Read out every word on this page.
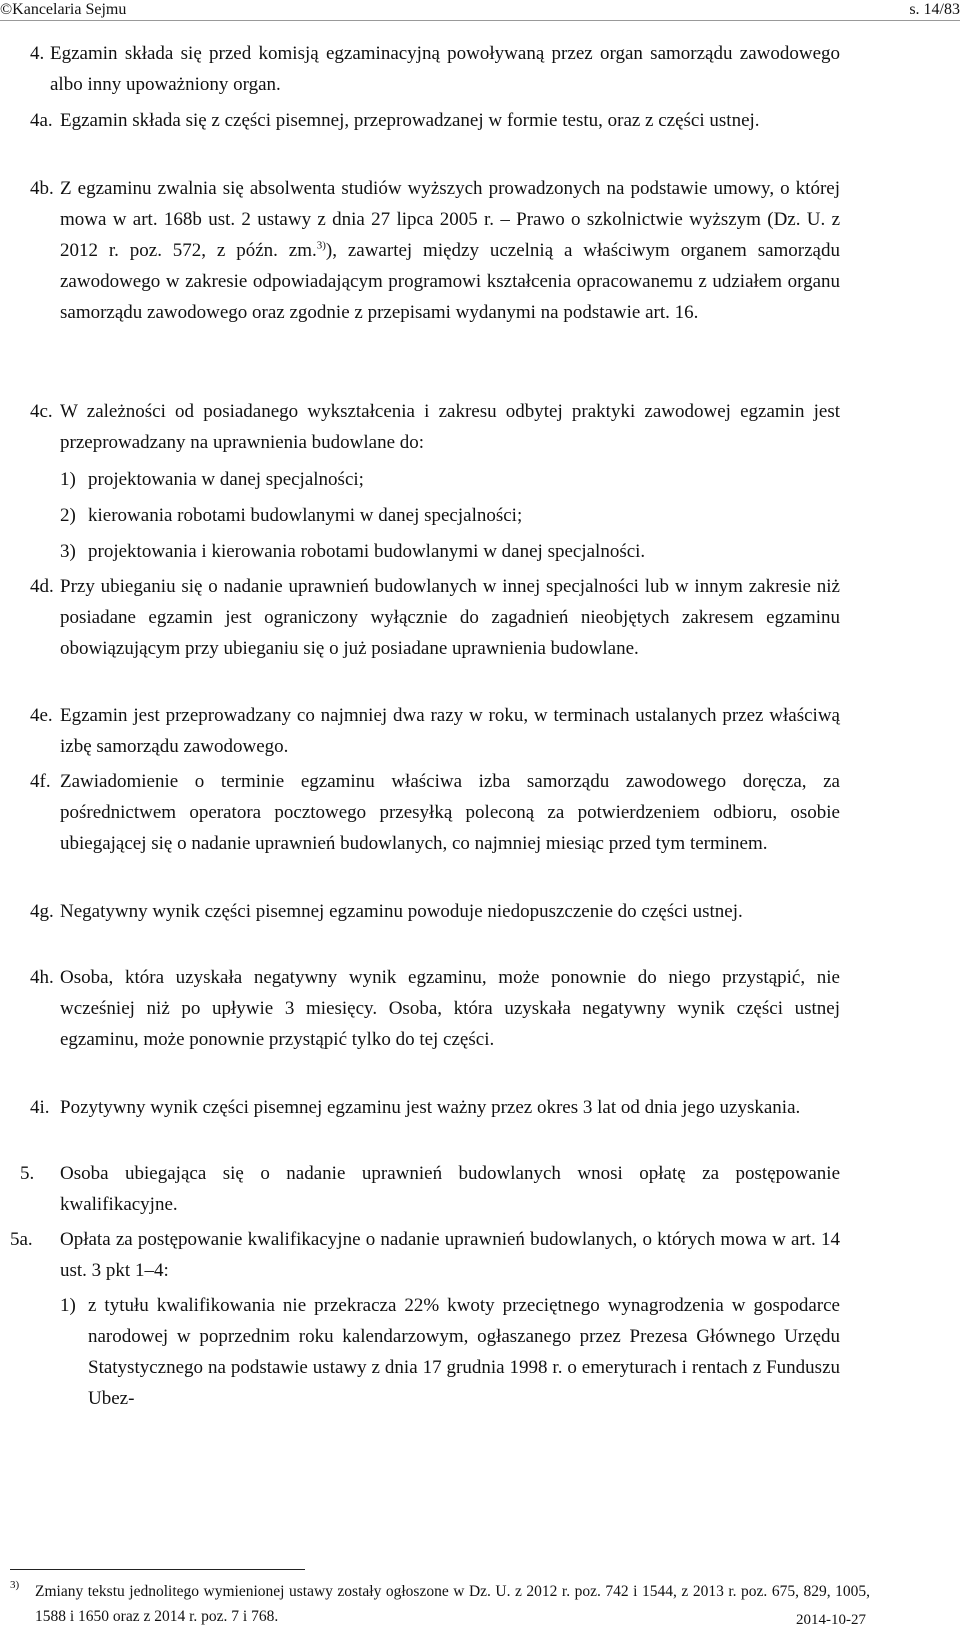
©Kancelaria Sejmu	s. 14/83
4. Egzamin składa się przed komisją egzaminacyjną powoływaną przez organ samorządu zawodowego albo inny upoważniony organ.
4a. Egzamin składa się z części pisemnej, przeprowadzanej w formie testu, oraz z części ustnej.
4b. Z egzaminu zwalnia się absolwenta studiów wyższych prowadzonych na podstawie umowy, o której mowa w art. 168b ust. 2 ustawy z dnia 27 lipca 2005 r. – Prawo o szkolnictwie wyższym (Dz. U. z 2012 r. poz. 572, z późn. zm.$^{3)}$), zawartej między uczelnią a właściwym organem samorządu zawodowego w zakresie odpowiadającym programowi kształcenia opracowanemu z udziałem organu samorządu zawodowego oraz zgodnie z przepisami wydanymi na podstawie art. 16.
4c. W zależności od posiadanego wykształcenia i zakresu odbytej praktyki zawodowej egzamin jest przeprowadzany na uprawnienia budowlane do:
1) projektowania w danej specjalności;
2) kierowania robotami budowlanymi w danej specjalności;
3) projektowania i kierowania robotami budowlanymi w danej specjalności.
4d. Przy ubieganiu się o nadanie uprawnień budowlanych w innej specjalności lub w innym zakresie niż posiadane egzamin jest ograniczony wyłącznie do zagadnień nieobjętych zakresem egzaminu obowiązującym przy ubieganiu się o już posiadane uprawnienia budowlane.
4e. Egzamin jest przeprowadzany co najmniej dwa razy w roku, w terminach ustalanych przez właściwą izbę samorządu zawodowego.
4f. Zawiadomienie o terminie egzaminu właściwa izba samorządu zawodowego doręcza, za pośrednictwem operatora pocztowego przesyłką poleconą za potwierdzeniem odbioru, osobie ubiegającej się o nadanie uprawnień budowlanych, co najmniej miesiąc przed tym terminem.
4g. Negatywny wynik części pisemnej egzaminu powoduje niedopuszczenie do części ustnej.
4h. Osoba, która uzyskała negatywny wynik egzaminu, może ponownie do niego przystąpić, nie wcześniej niż po upływie 3 miesięcy. Osoba, która uzyskała negatywny wynik części ustnej egzaminu, może ponownie przystąpić tylko do tej części.
4i. Pozytywny wynik części pisemnej egzaminu jest ważny przez okres 3 lat od dnia jego uzyskania.
5.	Osoba ubiegająca się o nadanie uprawnień budowlanych wnosi opłatę za postępowanie kwalifikacyjne.
5a.	Opłata za postępowanie kwalifikacyjne o nadanie uprawnień budowlanych, o których mowa w art. 14 ust. 3 pkt 1–4:
1) z tytułu kwalifikowania nie przekracza 22% kwoty przeciętnego wynagrodzenia w gospodarce narodowej w poprzednim roku kalendarzowym, ogłaszanego przez Prezesa Głównego Urzędu Statystycznego na podstawie ustawy z dnia 17 grudnia 1998 r. o emeryturach i rentach z Funduszu Ubez-
3)	Zmiany tekstu jednolitego wymienionej ustawy zostały ogłoszone w Dz. U. z 2012 r. poz. 742 i 1544, z 2013 r. poz. 675, 829, 1005, 1588 i 1650 oraz z 2014 r. poz. 7 i 768.	2014-10-27
